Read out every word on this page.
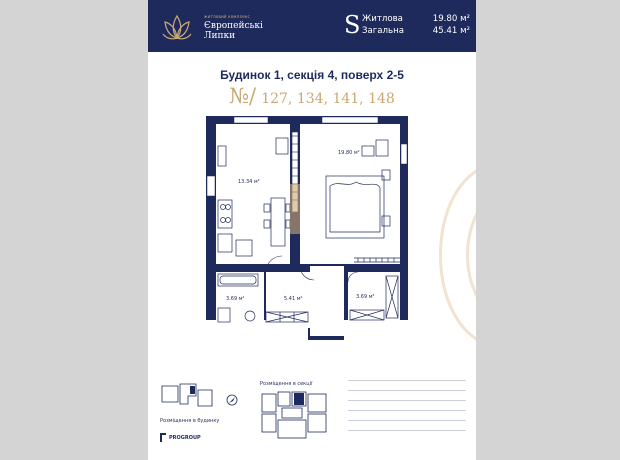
житловий комплекс
Європейські
Липки	S Житлова	19.80 м²
Загальна	45.41 м²
Будинок 1, секція 4, поверх 2-5
№/ 127, 134, 141, 148
13.34 м²
19.80 м²
3.69 м²	5.41 м²	3.69 м²
Розміщення в будинку
Розміщення в секції
PROGROUP
